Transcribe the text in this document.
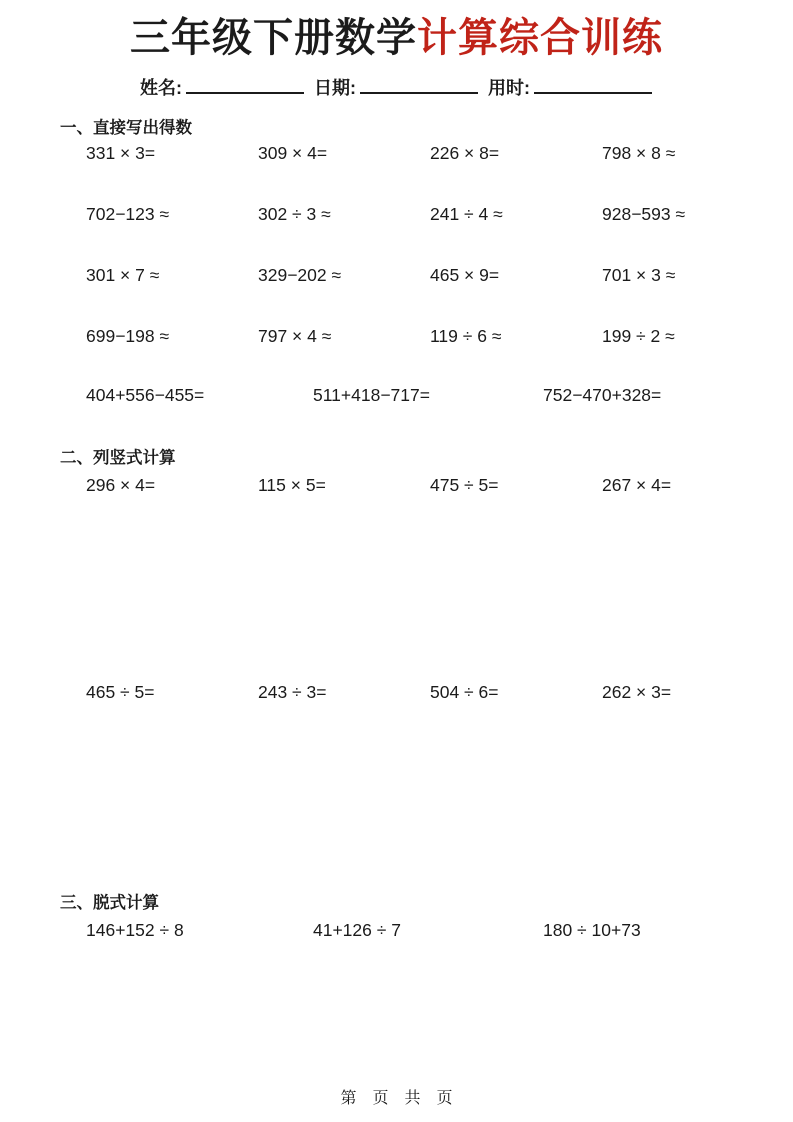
三年级下册数学计算综合训练
姓名:	日期:	用时:
一、直接写出得数
331 × 3=	309 × 4=	226 × 8=	798 × 8 ≈
702−123 ≈	302 ÷ 3 ≈	241 ÷ 4 ≈	928−593 ≈
301 × 7 ≈	329−202 ≈	465 × 9=	701 × 3 ≈
699−198 ≈	797 × 4 ≈	119 ÷ 6 ≈	199 ÷ 2 ≈
404+556−455=	511+418−717=	752−470+328=
二、列竖式计算
296 × 4=	115 × 5=	475 ÷ 5=	267 × 4=
465 ÷ 5=	243 ÷ 3=	504 ÷ 6=	262 × 3=
三、脱式计算
146+152 ÷ 8	41+126 ÷ 7	180 ÷ 10+73
第　页　共　页
